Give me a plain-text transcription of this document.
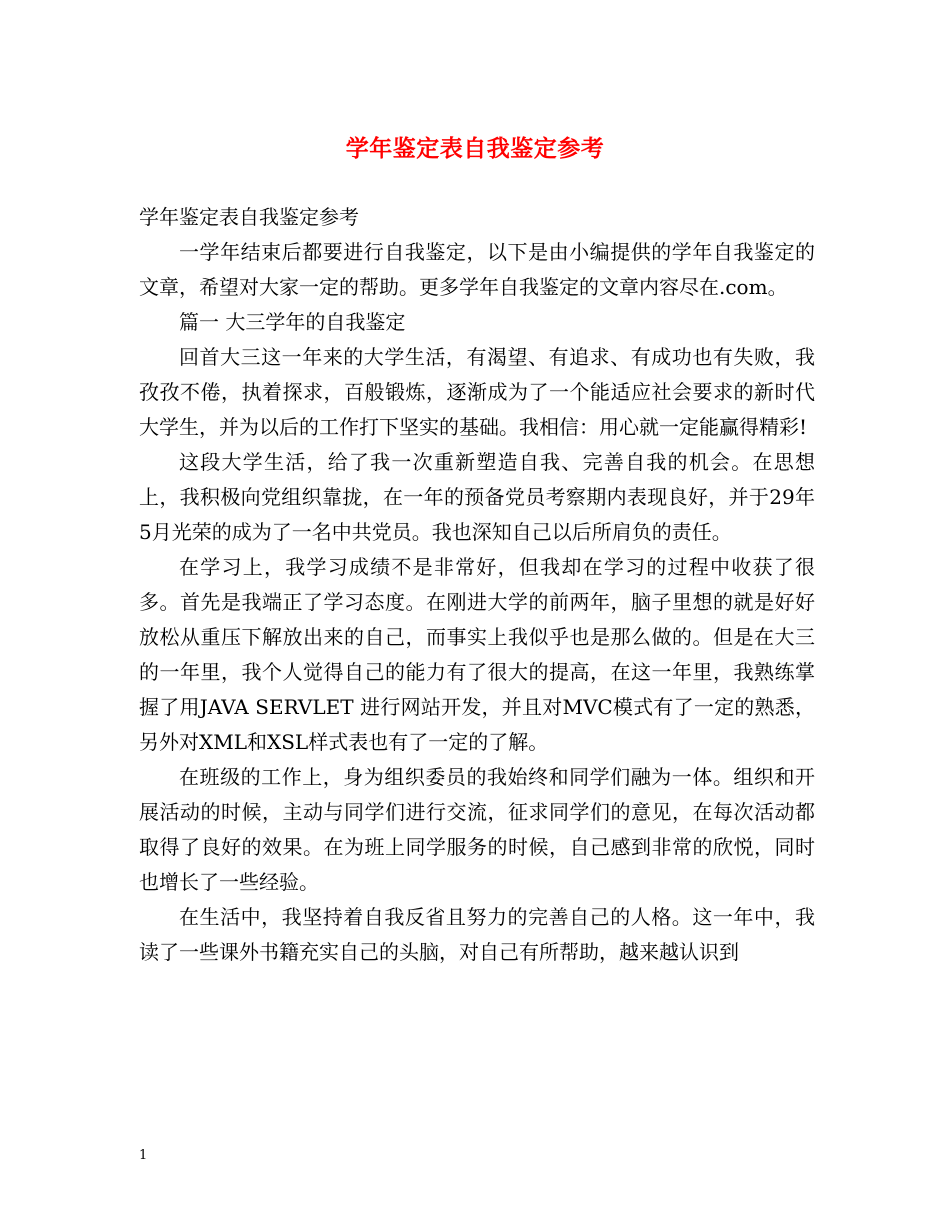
学年鉴定表自我鉴定参考

学年鉴定表自我鉴定参考

一学年结束后都要进行自我鉴定，以下是由小编提供的学年自我鉴定的文章，希望对大家一定的帮助。更多学年自我鉴定的文章内容尽在.com。

篇一 大三学年的自我鉴定

回首大三这一年来的大学生活，有渴望、有追求、有成功也有失败，我孜孜不倦，执着探求，百般锻炼，逐渐成为了一个能适应社会要求的新时代大学生，并为以后的工作打下坚实的基础。我相信：用心就一定能赢得精彩!

这段大学生活，给了我一次重新塑造自我、完善自我的机会。在思想上，我积极向党组织靠拢，在一年的预备党员考察期内表现良好，并于29年5月光荣的成为了一名中共党员。我也深知自己以后所肩负的责任。

在学习上，我学习成绩不是非常好，但我却在学习的过程中收获了很多。首先是我端正了学习态度。在刚进大学的前两年，脑子里想的就是好好放松从重压下解放出来的自己，而事实上我似乎也是那么做的。但是在大三的一年里，我个人觉得自己的能力有了很大的提高，在这一年里，我熟练掌握了用JAVA SERVLET 进行网站开发，并且对MVC模式有了一定的熟悉，另外对XML和XSL样式表也有了一定的了解。

在班级的工作上，身为组织委员的我始终和同学们融为一体。组织和开展活动的时候，主动与同学们进行交流，征求同学们的意见，在每次活动都取得了良好的效果。在为班上同学服务的时候，自己感到非常的欣悦，同时也增长了一些经验。

在生活中，我坚持着自我反省且努力的完善自己的人格。这一年中，我读了一些课外书籍充实自己的头脑，对自己有所帮助，越来越认识到

1
